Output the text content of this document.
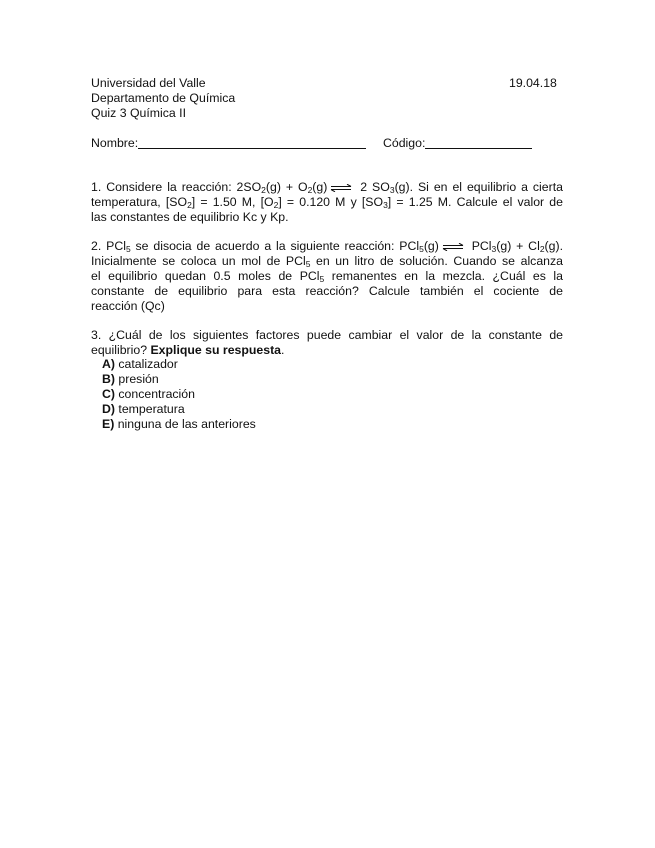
Universidad del Valle	19.04.18
Departamento de Química
Quiz 3 Química II
Nombre:	Código:
1. Considere la reacción: $2SO_2(g) + O_2(g)$ ⇌ 2 $SO_3(g)$. Si en el equilibrio a cierta
temperatura, $[SO_2] = 1.50$ M, $[O_2] = 0.120$ M y $[SO_3] = 1.25$ M. Calcule el valor de
las constantes de equilibrio Kc y Kp.
2. PCl$_5$ se disocia de acuerdo a la siguiente reacción: PCl$_5$(g) ⇌ $PCl_3(g) + Cl_2(g)$.
Inicialmente se coloca un mol de PCl$_5$ en un litro de solución. Cuando se alcanza
el equilibrio quedan 0.5 moles de PCl$_5$ remanentes en la mezcla. ¿Cuál es la
constante de equilibrio para esta reacción? Calcule también el cociente de
reacción (Qc)
3. ¿Cuál de los siguientes factores puede cambiar el valor de la constante de
equilibrio? Explique su respuesta.
A) catalizador
B) presión
C) concentración
D) temperatura
E) ninguna de las anteriores
